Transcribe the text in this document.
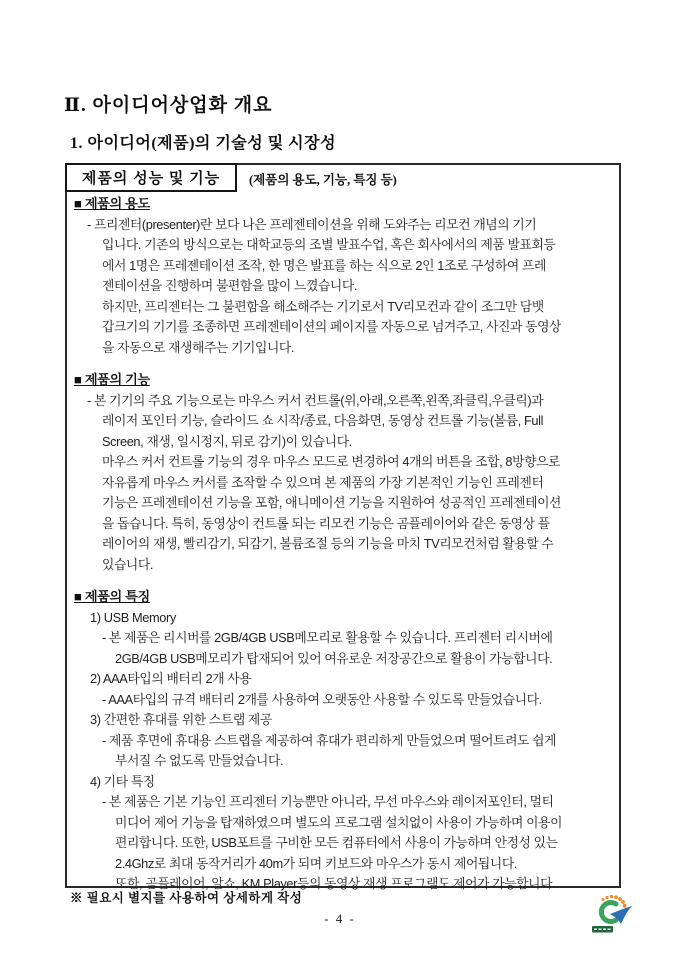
Ⅱ. 아이디어상업화 개요
1. 아이디어(제품)의 기술성 및 시장성
제품의 성능 및 기능	(제품의 용도, 기능, 특징 등)
■ 제품의 용도
- 프리젠터(presenter)란 보다 나은 프레젠테이션을 위해 도와주는 리모컨 개념의 기기
입니다. 기존의 방식으로는 대학교등의 조별 발표수업, 혹은 회사에서의 제품 발표회등
에서 1명은 프레젠테이션 조작, 한 명은 발표를 하는 식으로 2인 1조로 구성하여 프레
젠테이션을 진행하며 불편함을 많이 느꼈습니다.
하지만, 프리젠터는 그 불편함을 해소해주는 기기로서 TV리모컨과 같이 조그만 담뱃
갑크기의 기기를 조종하면 프레젠테이션의 페이지를 자동으로 넘겨주고, 사진과 동영상
을 자동으로 재생해주는 기기입니다.
■ 제품의 기능
- 본 기기의 주요 기능으로는 마우스 커서 컨트롤(위,아래,오른쪽,왼쪽,좌클릭,우클릭)과
레이저 포인터 기능, 슬라이드 쇼 시작/종료, 다음화면, 동영상 컨트롤 기능(볼륨, Full
Screen, 재생, 일시정지, 뒤로 감기)이 있습니다.
마우스 커서 컨트롤 기능의 경우 마우스 모드로 변경하여 4개의 버튼을 조합, 8방향으로
자유롭게 마우스 커서를 조작할 수 있으며 본 제품의 가장 기본적인 기능인 프레젠터
기능은 프레젠테이션 기능을 포함, 애니메이션 기능을 지원하여 성공적인 프레젠테이션
을 돕습니다. 특히, 동영상이 컨트롤 되는 리모컨 기능은 곰플레이어와 같은 동영상 플
레이어의 재생, 빨리감기, 되감기, 볼륨조절 등의 기능을 마치 TV리모컨처럼 활용할 수
있습니다.
■ 제품의 특징
1) USB Memory
- 본 제품은 리시버를 2GB/4GB USB메모리로 활용할 수 있습니다. 프리젠터 리시버에
2GB/4GB USB메모리가 탑재되어 있어 여유로운 저장공간으로 활용이 가능합니다.
2) AAA타입의 배터리 2개 사용
- AAA타입의 규격 배터리 2개를 사용하여 오랫동안 사용할 수 있도록 만들었습니다.
3) 간편한 휴대를 위한 스트랩 제공
- 제품 후면에 휴대용 스트랩을 제공하여 휴대가 편리하게 만들었으며 떨어트려도 쉽게
부서질 수 없도록 만들었습니다.
4) 기타 특징
- 본 제품은 기본 기능인 프리젠터 기능뿐만 아니라, 무선 마우스와 레이저포인터, 멀티
미디어 제어 기능을 탑재하였으며 별도의 프로그램 설치없이 사용이 가능하며 이용이
편리합니다. 또한, USB포트를 구비한 모든 컴퓨터에서 사용이 가능하며 안정성 있는
2.4Ghz로 최대 동작거리가 40m가 되며 키보드와 마우스가 동시 제어됩니다.
또한, 곰플레이어, 알쇼, KM Player등의 동영상 재생 프로그램도 제어가 가능합니다.
※ 필요시 별지를 사용하여 상세하게 작성
- 4 -
